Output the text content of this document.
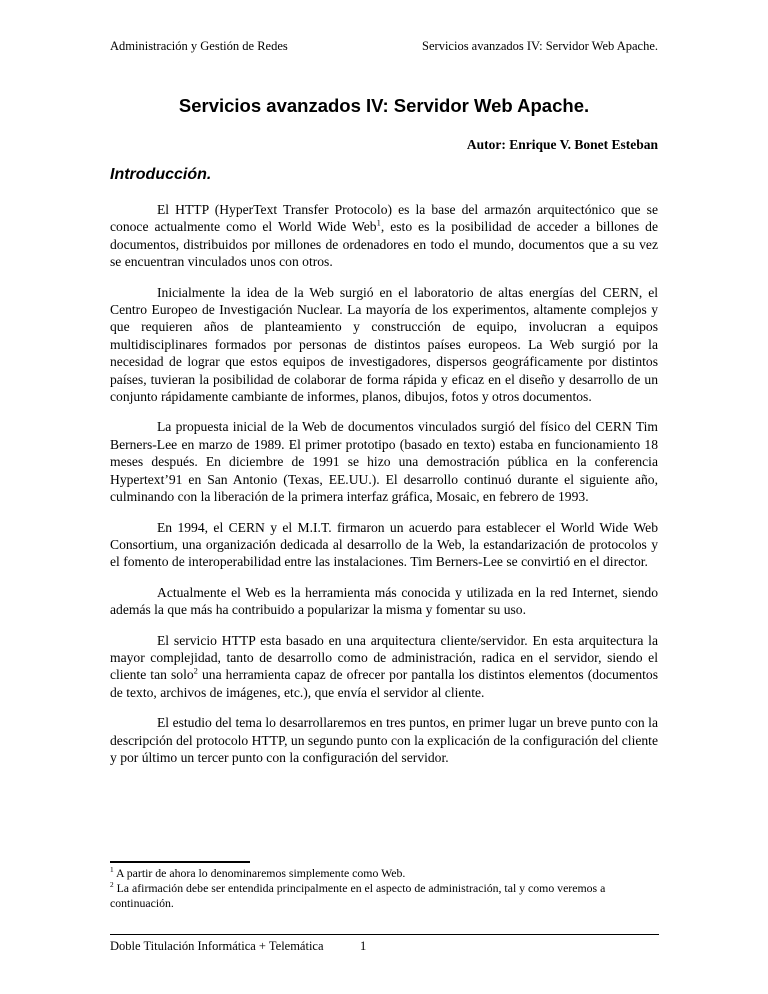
Administración y Gestión de Redes	Servicios avanzados IV: Servidor Web Apache.
Servicios avanzados IV: Servidor Web Apache.
Autor: Enrique V. Bonet Esteban
Introducción.

El HTTP (HyperText Transfer Protocolo) es la base del armazón arquitectónico que se conoce actualmente como el World Wide Web$^1$, esto es la posibilidad de acceder a billones de documentos, distribuidos por millones de ordenadores en todo el mundo, documentos que a su vez se encuentran vinculados unos con otros.

Inicialmente la idea de la Web surgió en el laboratorio de altas energías del CERN, el Centro Europeo de Investigación Nuclear. La mayoría de los experimentos, altamente complejos y que requieren años de planteamiento y construcción de equipo, involucran a equipos multidisciplinares formados por personas de distintos países europeos. La Web surgió por la necesidad de lograr que estos equipos de investigadores, dispersos geográficamente por distintos países, tuvieran la posibilidad de colaborar de forma rápida y eficaz en el diseño y desarrollo de un conjunto rápidamente cambiante de informes, planos, dibujos, fotos y otros documentos.

La propuesta inicial de la Web de documentos vinculados surgió del físico del CERN Tim Berners-Lee en marzo de 1989. El primer prototipo (basado en texto) estaba en funcionamiento 18 meses después. En diciembre de 1991 se hizo una demostración pública en la conferencia Hypertext’91 en San Antonio (Texas, EE.UU.). El desarrollo continuó durante el siguiente año, culminando con la liberación de la primera interfaz gráfica, Mosaic, en febrero de 1993.

En 1994, el CERN y el M.I.T. firmaron un acuerdo para establecer el World Wide Web Consortium, una organización dedicada al desarrollo de la Web, la estandarización de protocolos y el fomento de interoperabilidad entre las instalaciones. Tim Berners-Lee se convirtió en el director.

Actualmente el Web es la herramienta más conocida y utilizada en la red Internet, siendo además la que más ha contribuido a popularizar la misma y fomentar su uso.

El servicio HTTP esta basado en una arquitectura cliente/servidor. En esta arquitectura la mayor complejidad, tanto de desarrollo como de administración, radica en el servidor, siendo el cliente tan solo$^2$ una herramienta capaz de ofrecer por pantalla los distintos elementos (documentos de texto, archivos de imágenes, etc.), que envía el servidor al cliente.

El estudio del tema lo desarrollaremos en tres puntos, en primer lugar un breve punto con la descripción del protocolo HTTP, un segundo punto con la explicación de la configuración del cliente y por último un tercer punto con la configuración del servidor.

$^1$ A partir de ahora lo denominaremos simplemente como Web.
$^2$ La afirmación debe ser entendida principalmente en el aspecto de administración, tal y como veremos a continuación.
Doble Titulación Informática + Telemática	1
